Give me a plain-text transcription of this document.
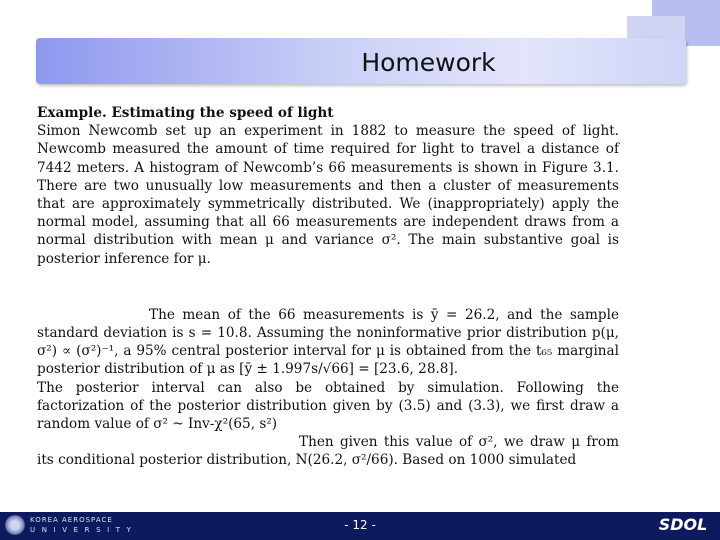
Homework

Example. Estimating the speed of light

Simon Newcomb set up an experiment in 1882 to measure the speed of light. Newcomb measured the amount of time required for light to travel a distance of 7442 meters. A histogram of Newcomb’s 66 measurements is shown in Figure 3.1. There are two unusually low measurements and then a cluster of measurements that are approximately symmetrically distributed. We (inappropriately) apply the normal model, assuming that all 66 measurements are independent draws from a normal distribution with mean μ and variance σ². The main substantive goal is posterior inference for μ.

The mean of the 66 measurements is ȳ = 26.2, and the sample standard deviation is s = 10.8. Assuming the noninformative prior distribution p(μ, σ²) ∝ (σ²)⁻¹, a 95% central posterior interval for μ is obtained from the t₆₅ marginal posterior distribution of μ as [ȳ ± 1.997s/√66] = [23.6, 28.8].

The posterior interval can also be obtained by simulation. Following the factorization of the posterior distribution given by (3.5) and (3.3), we first draw a random value of σ² ~ Inv-χ²(65, s²)

Then given this value of σ², we draw μ from its conditional posterior distribution, N(26.2, σ²/66). Based on 1000 simulated

KOREA AEROSPACE
UNIVERSITY	- 12 -	SDOL
